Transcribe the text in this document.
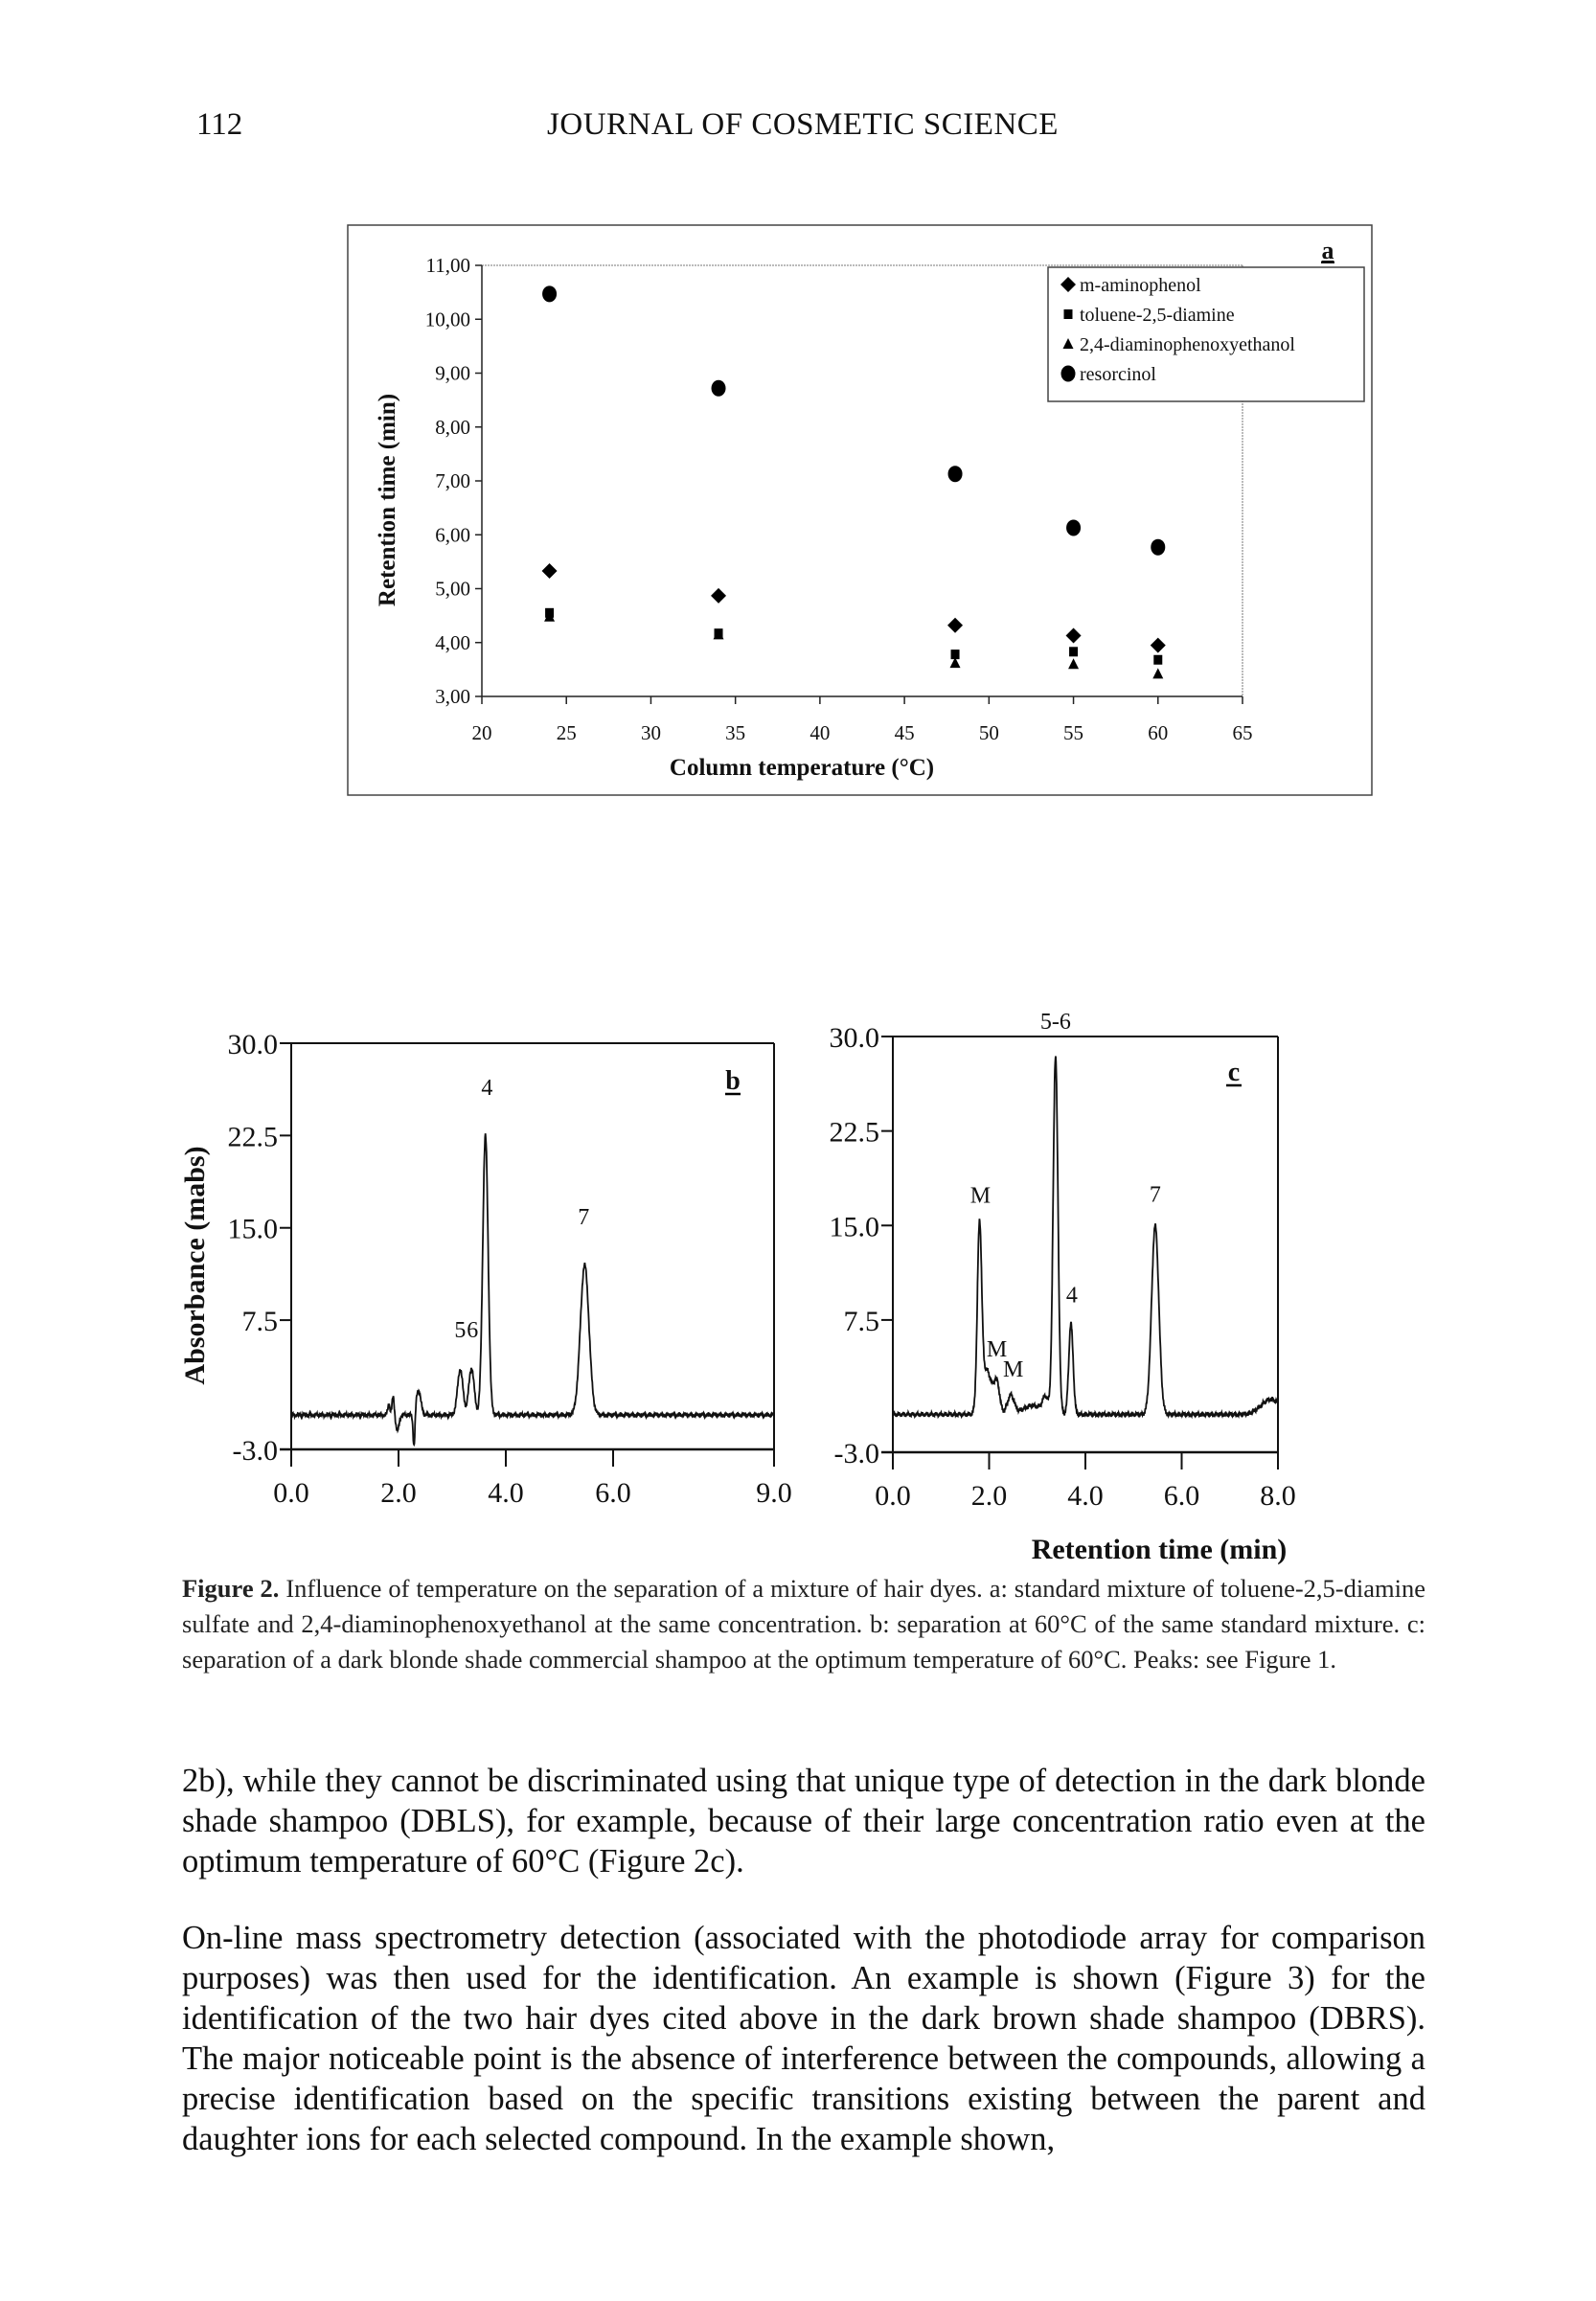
112	JOURNAL OF COSMETIC SCIENCE
3,00
4,00
5,00
6,00
7,00
8,00
9,00
10,00
11,00
20	25	30	35	40	45	50	55	60	65
Column temperature (°C)
Retention time (min)
a
m-aminophenol
toluene-2,5-diamine
2,4-diaminophenoxyethanol
resorcinol
-3.0
7.5
15.0
22.5
30.0
0.0 2.0 4.0 6.0	9.0
5 6
4
7
b
Absorbance (mabs)
-3.0
7.5
15.0
22.5
30.0
0.0 2.0 4.0 6.0 8.0
M
M
M
5-6
4
7
c
Retention time (min)
Figure 2. Influence of temperature on the separation of a mixture of hair dyes. a: standard mixture of toluene-2,5-diamine sulfate and 2,4-diaminophenoxyethanol at the same concentration. b: separation at 60°C of the same standard mixture. c: separation of a dark blonde shade commercial shampoo at the optimum temperature of 60°C. Peaks: see Figure 1.
2b), while they cannot be discriminated using that unique type of detection in the dark blonde shade shampoo (DBLS), for example, because of their large concentration ratio even at the optimum temperature of 60°C (Figure 2c).
On-line mass spectrometry detection (associated with the photodiode array for comparison purposes) was then used for the identification. An example is shown (Figure 3) for the identification of the two hair dyes cited above in the dark brown shade shampoo (DBRS). The major noticeable point is the absence of interference between the compounds, allowing a precise identification based on the specific transitions existing between the parent and daughter ions for each selected compound. In the example shown,
